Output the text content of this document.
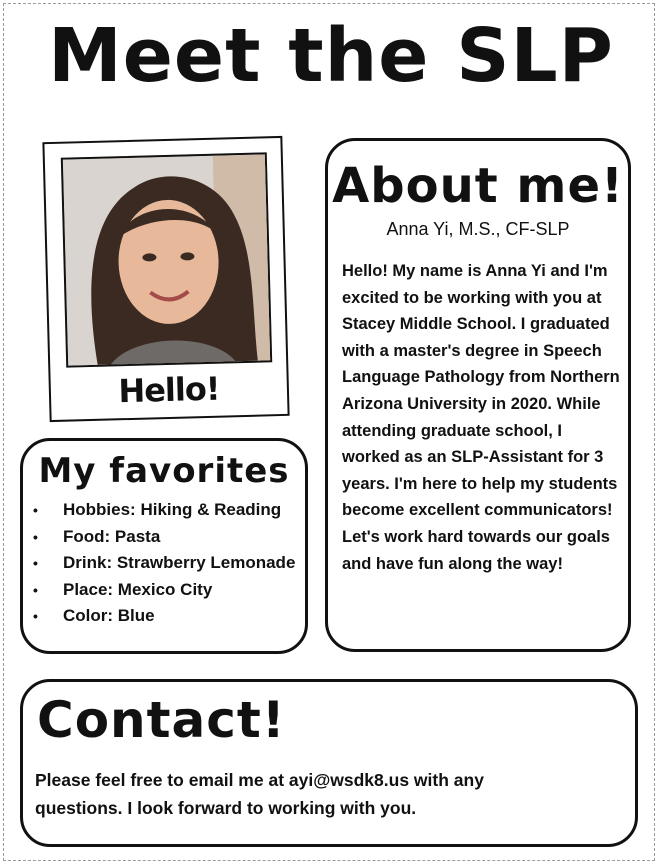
Meet the SLP
Hello!
About me!
Anna Yi, M.S., CF-SLP
Hello! My name is Anna Yi and I'm excited to be working with you at Stacey Middle School. I graduated with a master's degree in Speech Language Pathology from Northern Arizona University in 2020. While attending graduate school, I worked as an SLP-Assistant for 3 years. I'm here to help my students become excellent communicators! Let's work hard towards our goals and have fun along the way!
My favorites
• Hobbies: Hiking & Reading
• Food: Pasta
• Drink: Strawberry Lemonade
• Place: Mexico City
• Color: Blue
Contact!

Please feel free to email me at ayi@wsdk8.us with any questions. I look forward to working with you.
